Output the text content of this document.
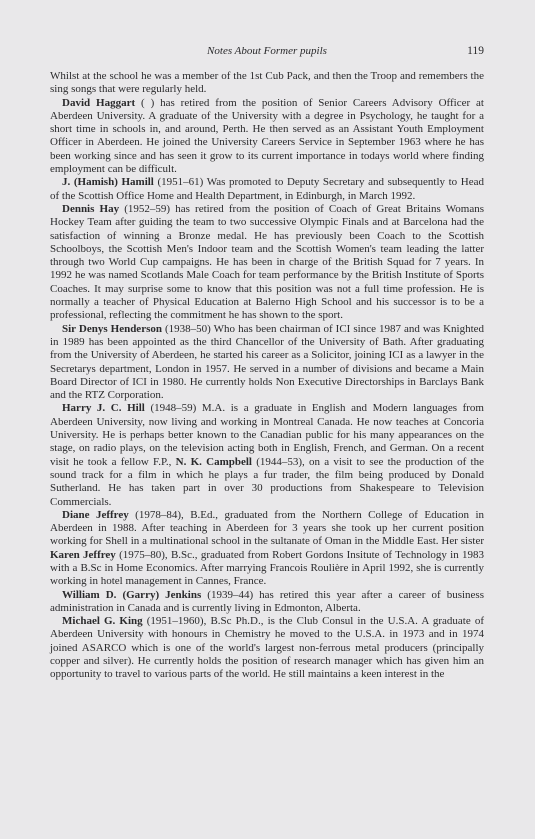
Notes About Former pupils	119

Whilst at the school he was a member of the 1st Cub Pack, and then the Troop and remembers the sing songs that were regularly held.

David Haggart ( ) has retired from the position of Senior Careers Advisory Officer at Aberdeen University. A graduate of the University with a degree in Psychology, he taught for a short time in schools in, and around, Perth. He then served as an Assistant Youth Employment Officer in Aberdeen. He joined the University Careers Service in September 1963 where he has been working since and has seen it grow to its current importance in todays world where finding employment can be difficult.

J. (Hamish) Hamill (1951–61) Was promoted to Deputy Secretary and subsequently to Head of the Scottish Office Home and Health Department, in Edinburgh, in March 1992.

Dennis Hay (1952–59) has retired from the position of Coach of Great Britains Womans Hockey Team after guiding the team to two successive Olympic Finals and at Barcelona had the satisfaction of winning a Bronze medal. He has previously been Coach to the Scottish Schoolboys, the Scottish Men's Indoor team and the Scottish Women's team leading the latter through two World Cup campaigns. He has been in charge of the British Squad for 7 years. In 1992 he was named Scotlands Male Coach for team performance by the British Institute of Sports Coaches. It may surprise some to know that this position was not a full time profession. He is normally a teacher of Physical Education at Balerno High School and his successor is to be a professional, reflecting the commitment he has shown to the sport.

Sir Denys Henderson (1938–50) Who has been chairman of ICI since 1987 and was Knighted in 1989 has been appointed as the third Chancellor of the University of Bath. After graduating from the University of Aberdeen, he started his career as a Solicitor, joining ICI as a lawyer in the Secretarys department, London in 1957. He served in a number of divisions and became a Main Board Director of ICI in 1980. He currently holds Non Executive Directorships in Barclays Bank and the RTZ Corporation.

Harry J. C. Hill (1948–59) M.A. is a graduate in English and Modern languages from Aberdeen University, now living and working in Montreal Canada. He now teaches at Concoria University. He is perhaps better known to the Canadian public for his many appearances on the stage, on radio plays, on the television acting both in English, French, and German. On a recent visit he took a fellow F.P., N. K. Campbell (1944–53), on a visit to see the production of the sound track for a film in which he plays a fur trader, the film being produced by Donald Sutherland. He has taken part in over 30 productions from Shakespeare to Television Commercials.

Diane Jeffrey (1978–84), B.Ed., graduated from the Northern College of Education in Aberdeen in 1988. After teaching in Aberdeen for 3 years she took up her current position working for Shell in a multinational school in the sultanate of Oman in the Middle East. Her sister Karen Jeffrey (1975–80), B.Sc., graduated from Robert Gordons Insitute of Technology in 1983 with a B.Sc in Home Economics. After marrying Francois Roulière in April 1992, she is currently working in hotel management in Cannes, France.

William D. (Garry) Jenkins (1939–44) has retired this year after a career of business administration in Canada and is currently living in Edmonton, Alberta.

Michael G. King (1951–1960), B.Sc Ph.D., is the Club Consul in the U.S.A. A graduate of Aberdeen University with honours in Chemistry he moved to the U.S.A. in 1973 and in 1974 joined ASARCO which is one of the world's largest non-ferrous metal producers (principally copper and silver). He currently holds the position of research manager which has given him an opportunity to travel to various parts of the world. He still maintains a keen interest in the
